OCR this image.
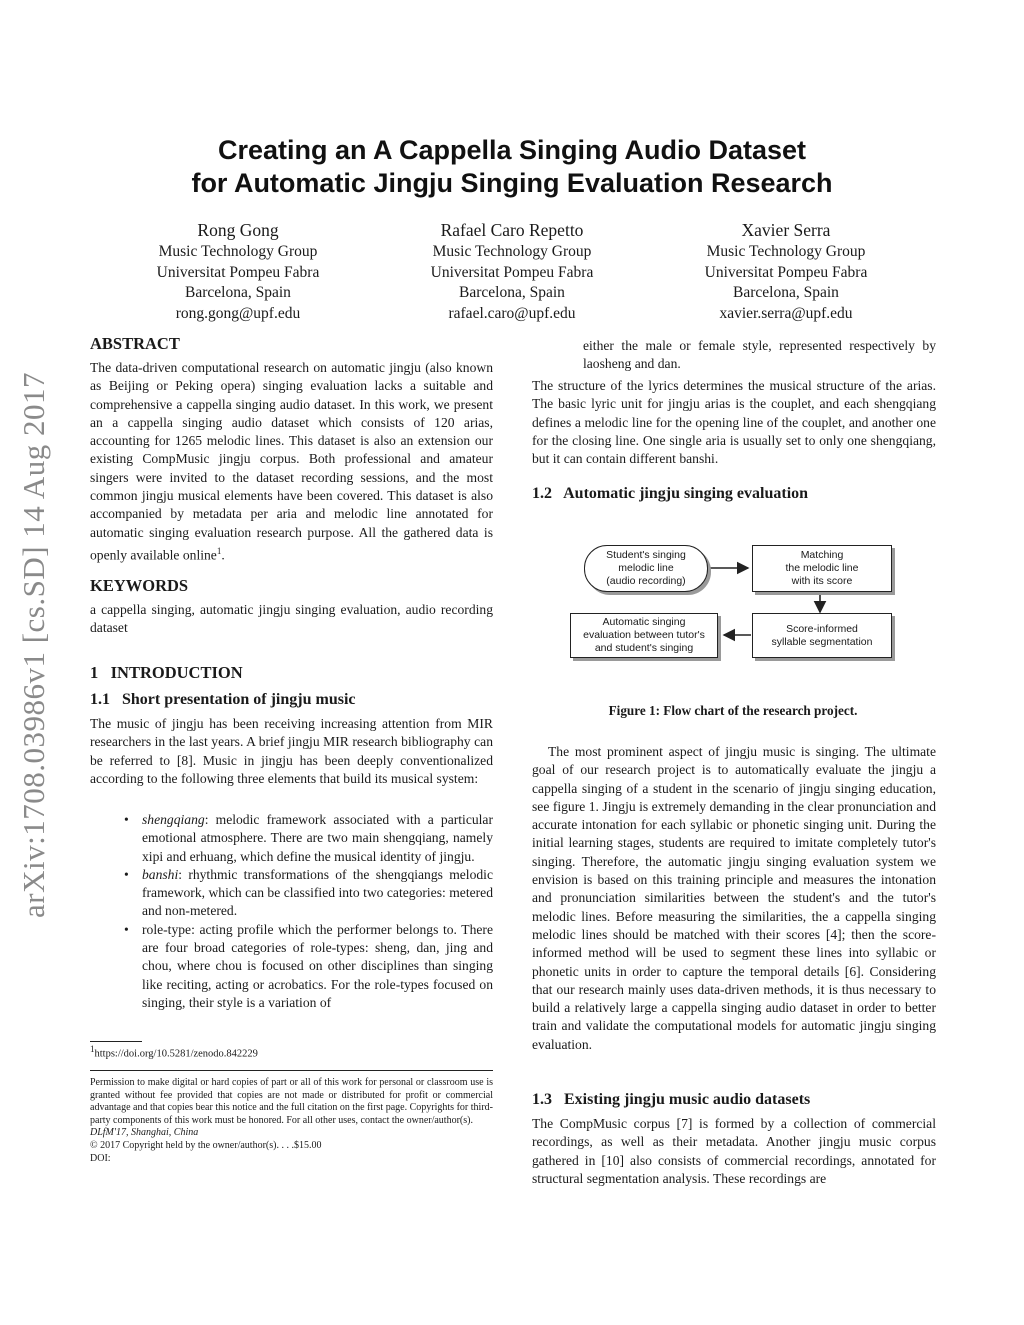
arXiv:1708.03986v1 [cs.SD] 14 Aug 2017
Creating an A Cappella Singing Audio Dataset
for Automatic Jingju Singing Evaluation Research
Rong Gong
Music Technology Group
Universitat Pompeu Fabra
Barcelona, Spain
rong.gong@upf.edu
Rafael Caro Repetto
Music Technology Group
Universitat Pompeu Fabra
Barcelona, Spain
rafael.caro@upf.edu
Xavier Serra
Music Technology Group
Universitat Pompeu Fabra
Barcelona, Spain
xavier.serra@upf.edu
ABSTRACT
The data-driven computational research on automatic jingju (also known as Beijing or Peking opera) singing evaluation lacks a suitable and comprehensive a cappella singing audio dataset. In this work, we present an a cappella singing audio dataset which consists of 120 arias, accounting for 1265 melodic lines. This dataset is also an extension our existing CompMusic jingju corpus. Both professional and amateur singers were invited to the dataset recording sessions, and the most common jingju musical elements have been covered. This dataset is also accompanied by metadata per aria and melodic line annotated for automatic singing evaluation research purpose. All the gathered data is openly available online$^1$.
KEYWORDS
a cappella singing, automatic jingju singing evaluation, audio recording dataset
1   INTRODUCTION
1.1   Short presentation of jingju music
The music of jingju has been receiving increasing attention from MIR researchers in the last years. A brief jingju MIR research bibliography can be referred to [8]. Music in jingju has been deeply conventionalized according to the following three elements that build its musical system:
• shengqiang: melodic framework associated with a particular emotional atmosphere. There are two main shengqiang, namely xipi and erhuang, which define the musical identity of jingju.
• banshi: rhythmic transformations of the shengqiangs melodic framework, which can be classified into two categories: metered and non-metered.
• role-type: acting profile which the performer belongs to. There are four broad categories of role-types: sheng, dan, jing and chou, where chou is focused on other disciplines than singing like reciting, acting or acrobatics. For the role-types focused on singing, their style is a variation of
$^1$https://doi.org/10.5281/zenodo.842229
Permission to make digital or hard copies of part or all of this work for personal or classroom use is granted without fee provided that copies are not made or distributed for profit or commercial advantage and that copies bear this notice and the full citation on the first page. Copyrights for third-party components of this work must be honored. For all other uses, contact the owner/author(s).
DLfM'17, Shanghai, China
© 2017 Copyright held by the owner/author(s). . . .$15.00
DOI:
either the male or female style, represented respectively by laosheng and dan.
The structure of the lyrics determines the musical structure of the arias. The basic lyric unit for jingju arias is the couplet, and each shengqiang defines a melodic line for the opening line of the couplet, and another one for the closing line. One single aria is usually set to only one shengqiang, but it can contain different banshi.
1.2   Automatic jingju singing evaluation
Student's singing
melodic line
(audio recording)
Matching
the melodic line
with its score
Automatic singing
evaluation between tutor's
and student's singing
Score-informed
syllable segmentation
Figure 1: Flow chart of the research project.
The most prominent aspect of jingju music is singing. The ultimate goal of our research project is to automatically evaluate the jingju a cappella singing of a student in the scenario of jingju singing education, see figure 1. Jingju is extremely demanding in the clear pronunciation and accurate intonation for each syllabic or phonetic singing unit. During the initial learning stages, students are required to imitate completely tutor's singing. Therefore, the automatic jingju singing evaluation system we envision is based on this training principle and measures the intonation and pronunciation similarities between the student's and the tutor's melodic lines. Before measuring the similarities, the a cappella singing melodic lines should be matched with their scores [4]; then the score-informed method will be used to segment these lines into syllabic or phonetic units in order to capture the temporal details [6]. Considering that our research mainly uses data-driven methods, it is thus necessary to build a relatively large a cappella singing audio dataset in order to better train and validate the computational models for automatic jingju singing evaluation.
1.3   Existing jingju music audio datasets
The CompMusic corpus [7] is formed by a collection of commercial recordings, as well as their metadata. Another jingju music corpus gathered in [10] also consists of commercial recordings, annotated for structural segmentation analysis. These recordings are
